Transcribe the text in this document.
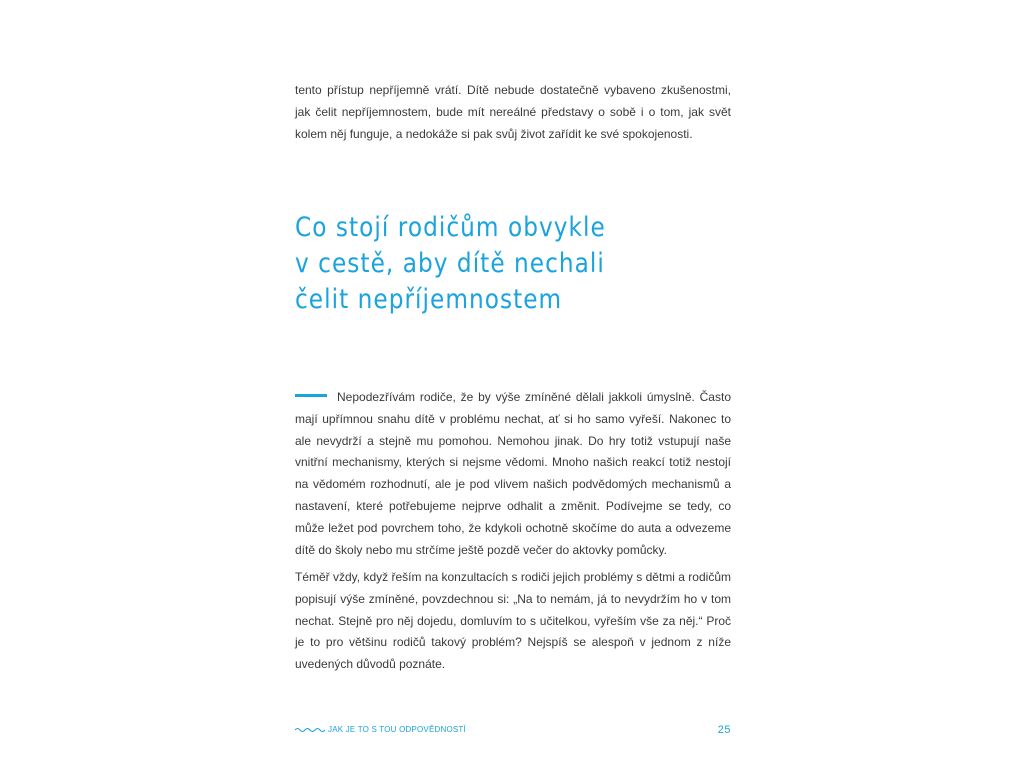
tento přístup nepříjemně vrátí. Dítě nebude dostatečně vybaveno zkušenostmi, jak čelit nepříjemnostem, bude mít nereálné představy o sobě i o tom, jak svět kolem něj funguje, a nedokáže si pak svůj život zařídit ke své spokojenosti.

Co stojí rodičům obvykle
v cestě, aby dítě nechali
čelit nepříjemnostem

Nepodezřívám rodiče, že by výše zmíněné dělali jakkoli úmyslně. Často mají upřímnou snahu dítě v problému nechat, ať si ho samo vyřeší. Nakonec to ale nevydrží a stejně mu pomohou. Nemohou jinak. Do hry totiž vstupují naše vnitřní mechanismy, kterých si nejsme vědomi. Mnoho našich reakcí totiž nestojí na vědomém rozhodnutí, ale je pod vlivem našich podvědomých mechanismů a nastavení, které potřebujeme nejprve odhalit a změnit. Podívejme se tedy, co může ležet pod povrchem toho, že kdykoli ochotně skočíme do auta a odvezeme dítě do školy nebo mu strčíme ještě pozdě večer do aktovky pomůcky.

Téměř vždy, když řeším na konzultacích s rodiči jejich problémy s dětmi a rodičům popisují výše zmíněné, povzdechnou si: „Na to nemám, já to nevydržím ho v tom nechat. Stejně pro něj dojedu, domluvím to s učitelkou, vyřeším vše za něj.“ Proč je to pro většinu rodičů takový problém? Nejspíš se alespoň v jednom z níže uvedených důvodů poznáte.

JAK JE TO S TOU ODPOVĚDNOSTÍ	25
